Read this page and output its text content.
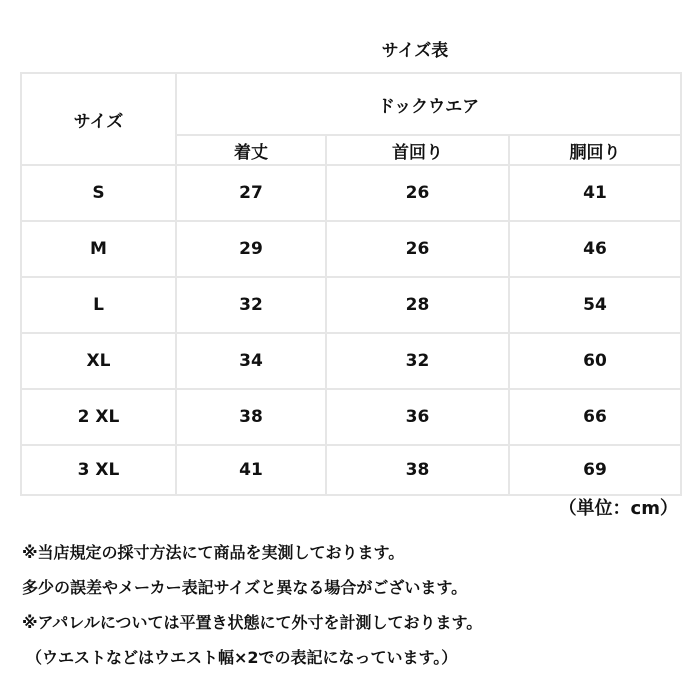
サイズ表
サイズ	ドックウエア		
	着丈	首回り	胴回り
S	27	26	41
M	29	26	46
L	32	28	54
XL	34	32	60
2 XL	38	36	66
3 XL	41	38	69
（単位：cm）
※当店規定の採寸方法にて商品を実測しております。
多少の誤差やメーカー表記サイズと異なる場合がございます。
※アパレルについては平置き状態にて外寸を計測しております。
（ウエストなどはウエスト幅×2での表記になっています。）
